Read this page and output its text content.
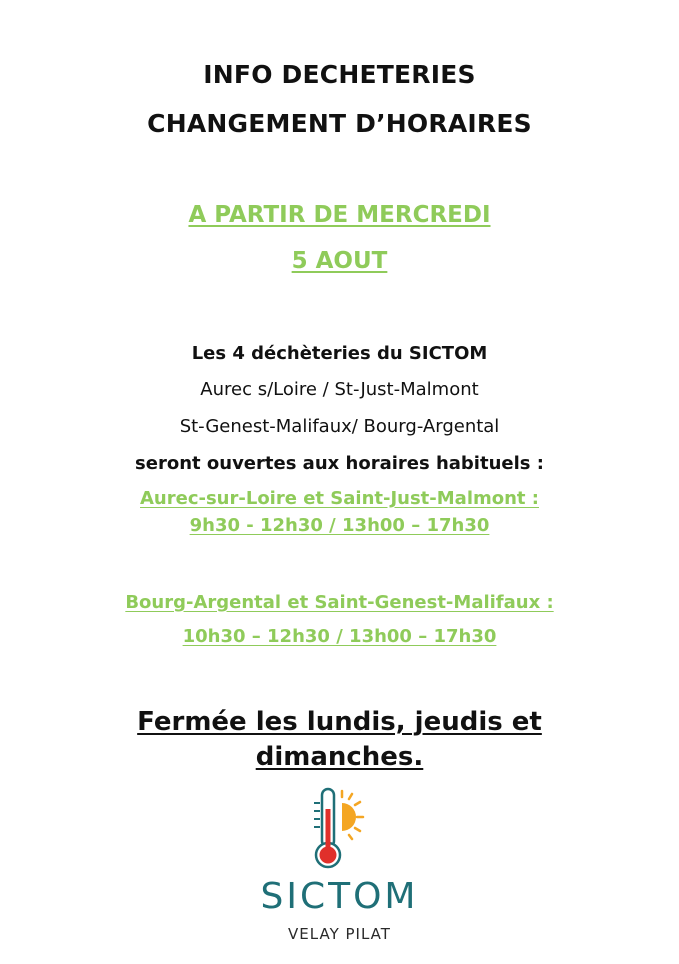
INFO DECHETERIES
CHANGEMENT D’HORAIRES
A PARTIR DE MERCREDI
5 AOUT
Les 4 déchèteries du SICTOM
Aurec s/Loire / St-Just-Malmont
St-Genest-Malifaux/ Bourg-Argental
seront ouvertes aux horaires habituels :
Aurec-sur-Loire et Saint-Just-Malmont :
9h30 - 12h30 / 13h00 – 17h30
Bourg-Argental et Saint-Genest-Malifaux :
10h30 – 12h30 / 13h00 – 17h30
Fermée les lundis, jeudis et
dimanches.
SICTOM
VELAY PILAT
